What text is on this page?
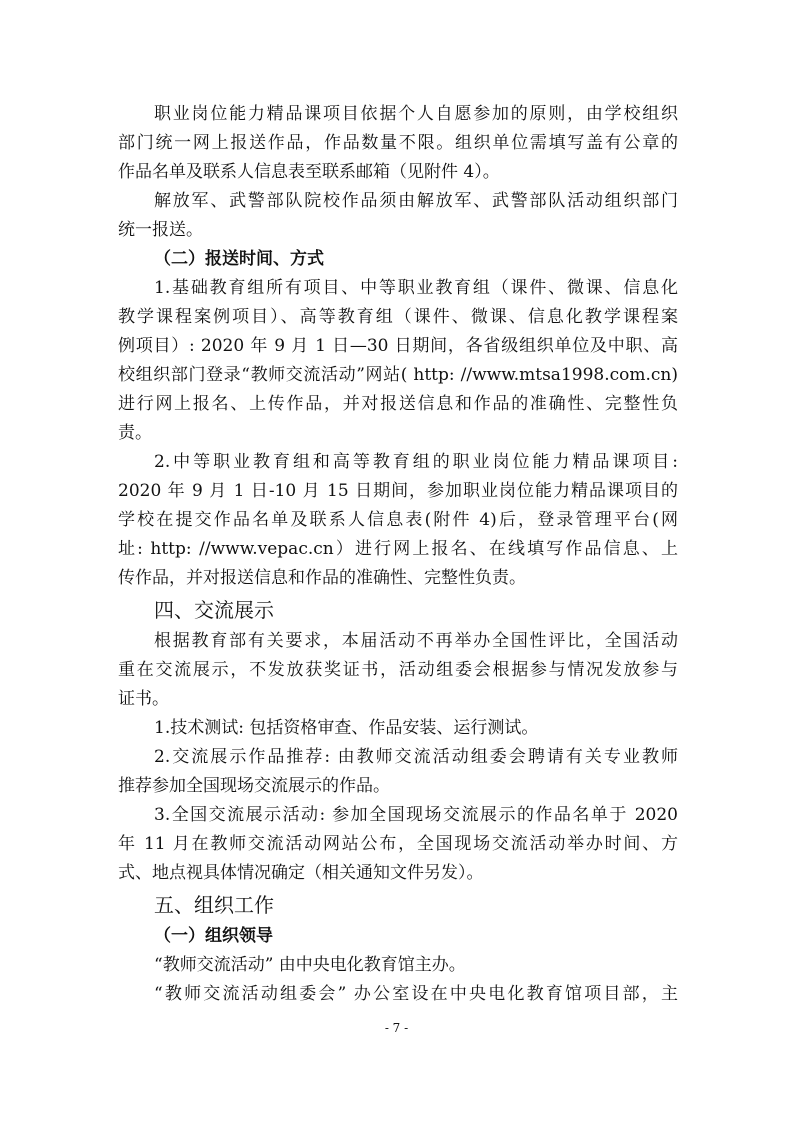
职业岗位能力精品课项目依据个人自愿参加的原则，由学校组织
部门统一网上报送作品，作品数量不限。组织单位需填写盖有公章的
作品名单及联系人信息表至联系邮箱（见附件 4）。
解放军、武警部队院校作品须由解放军、武警部队活动组织部门
统一报送。
（二）报送时间、方式
1.基础教育组所有项目、中等职业教育组（课件、微课、信息化
教学课程案例项目）、高等教育组（课件、微课、信息化教学课程案
例项目）: 2020 年 9 月 1 日—30 日期间，各省级组织单位及中职、高
校组织部门登录“教师交流活动”网站( http: //www.mtsa1998.com.cn)
进行网上报名、上传作品，并对报送信息和作品的准确性、完整性负
责。
2.中等职业教育组和高等教育组的职业岗位能力精品课项目:
2020 年 9 月 1 日-10 月 15 日期间，参加职业岗位能力精品课项目的
学校在提交作品名单及联系人信息表(附件 4)后，登录管理平台(网
址: http: //www.vepac.cn）进行网上报名、在线填写作品信息、上
传作品，并对报送信息和作品的准确性、完整性负责。
四、交流展示
根据教育部有关要求，本届活动不再举办全国性评比，全国活动
重在交流展示，不发放获奖证书，活动组委会根据参与情况发放参与
证书。
1.技术测试: 包括资格审查、作品安装、运行测试。
2.交流展示作品推荐: 由教师交流活动组委会聘请有关专业教师
推荐参加全国现场交流展示的作品。
3.全国交流展示活动: 参加全国现场交流展示的作品名单于 2020
年 11 月在教师交流活动网站公布，全国现场交流活动举办时间、方
式、地点视具体情况确定（相关通知文件另发）。
五、组织工作
（一）组织领导
“教师交流活动” 由中央电化教育馆主办。
“教师交流活动组委会” 办公室设在中央电化教育馆项目部，主
- 7 -
